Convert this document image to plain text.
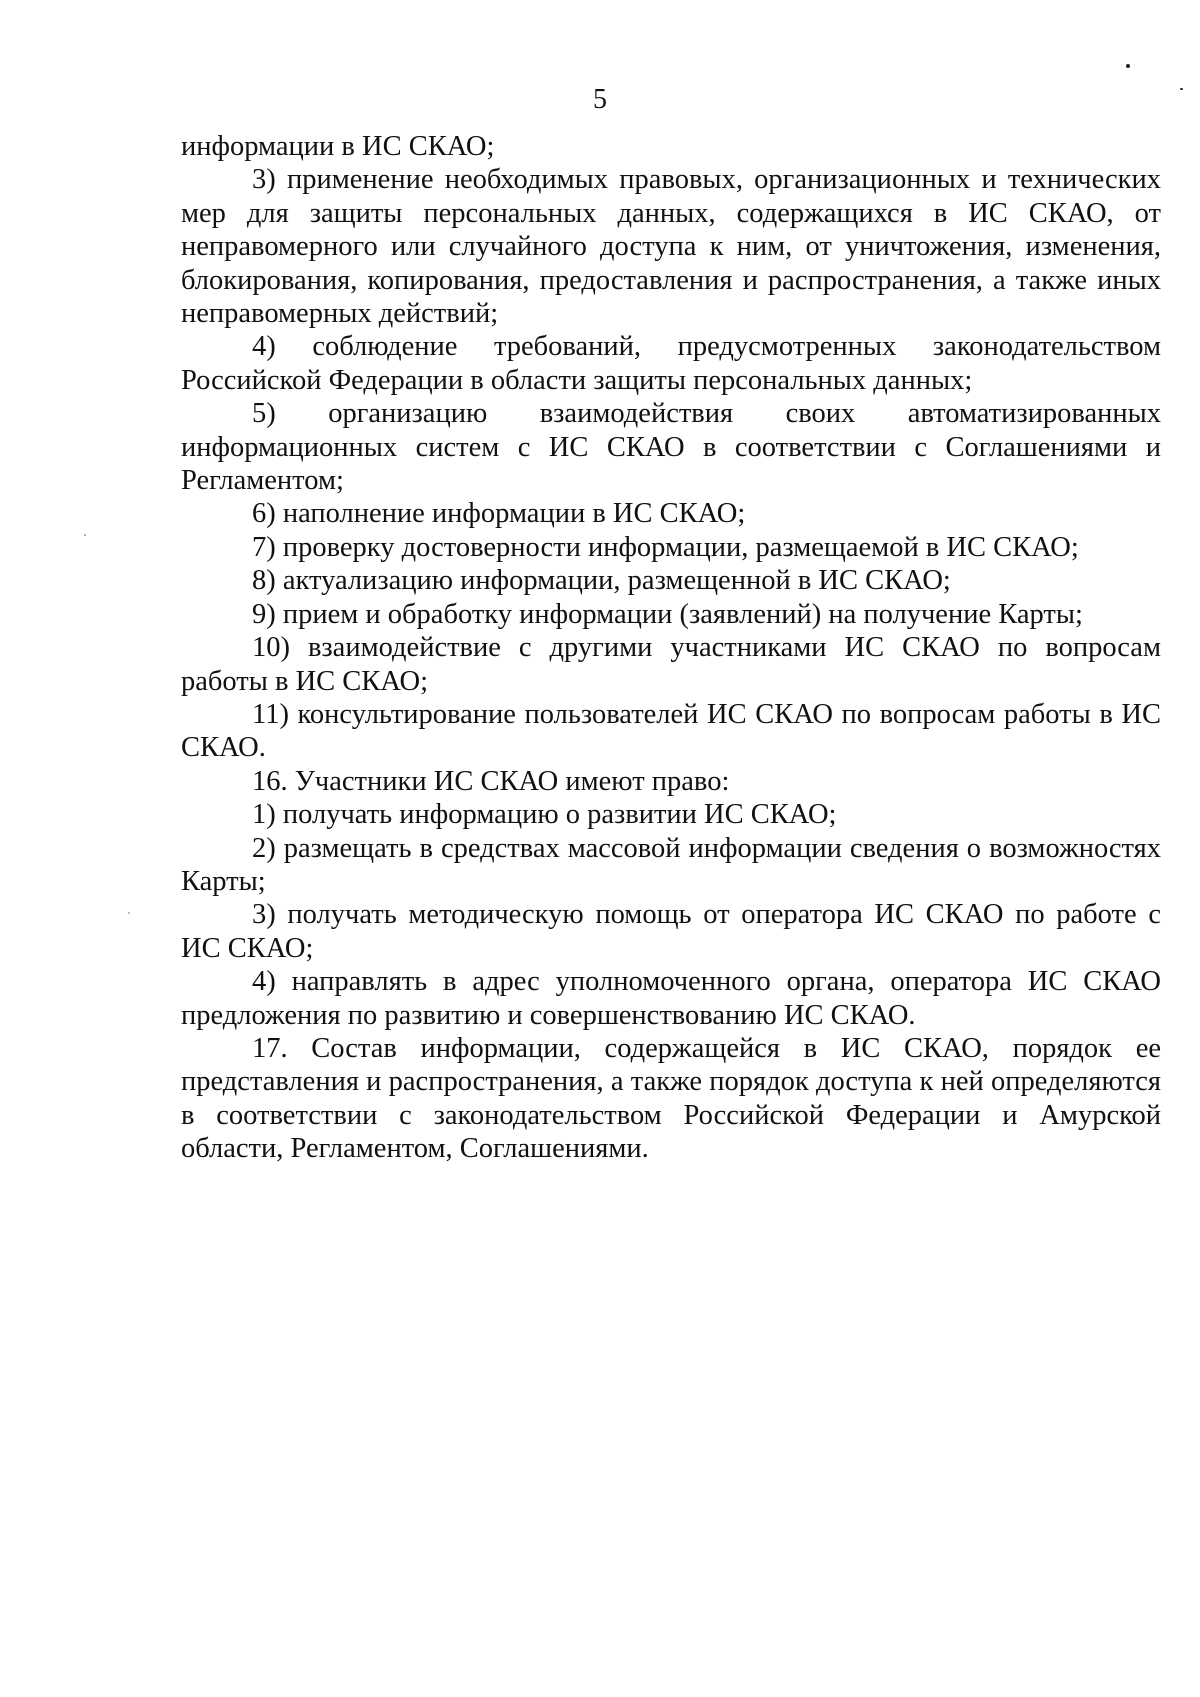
5

информации в ИС СКАО;

3) применение необходимых правовых, организационных и технических мер для защиты персональных данных, содержащихся в ИС СКАО, от неправомерного или случайного доступа к ним, от уничтожения, изменения, блокирования, копирования, предоставления и распространения, а также иных неправомерных действий;

4) соблюдение требований, предусмотренных законодательством Российской Федерации в области защиты персональных данных;

5) организацию взаимодействия своих автоматизированных информационных систем с ИС СКАО в соответствии с Соглашениями и Регламентом;

6) наполнение информации в ИС СКАО;

7) проверку достоверности информации, размещаемой в ИС СКАО;

8) актуализацию информации, размещенной в ИС СКАО;

9) прием и обработку информации (заявлений) на получение Карты;

10) взаимодействие с другими участниками ИС СКАО по вопросам работы в ИС СКАО;

11) консультирование пользователей ИС СКАО по вопросам работы в ИС СКАО.

16. Участники ИС СКАО имеют право:

1) получать информацию о развитии ИС СКАО;

2) размещать в средствах массовой информации сведения о возможностях Карты;

3) получать методическую помощь от оператора ИС СКАО по работе с ИС СКАО;

4) направлять в адрес уполномоченного органа, оператора ИС СКАО предложения по развитию и совершенствованию ИС СКАО.

17. Состав информации, содержащейся в ИС СКАО, порядок ее представления и распространения, а также порядок доступа к ней определяются в соответствии с законодательством Российской Федерации и Амурской области, Регламентом, Соглашениями.
